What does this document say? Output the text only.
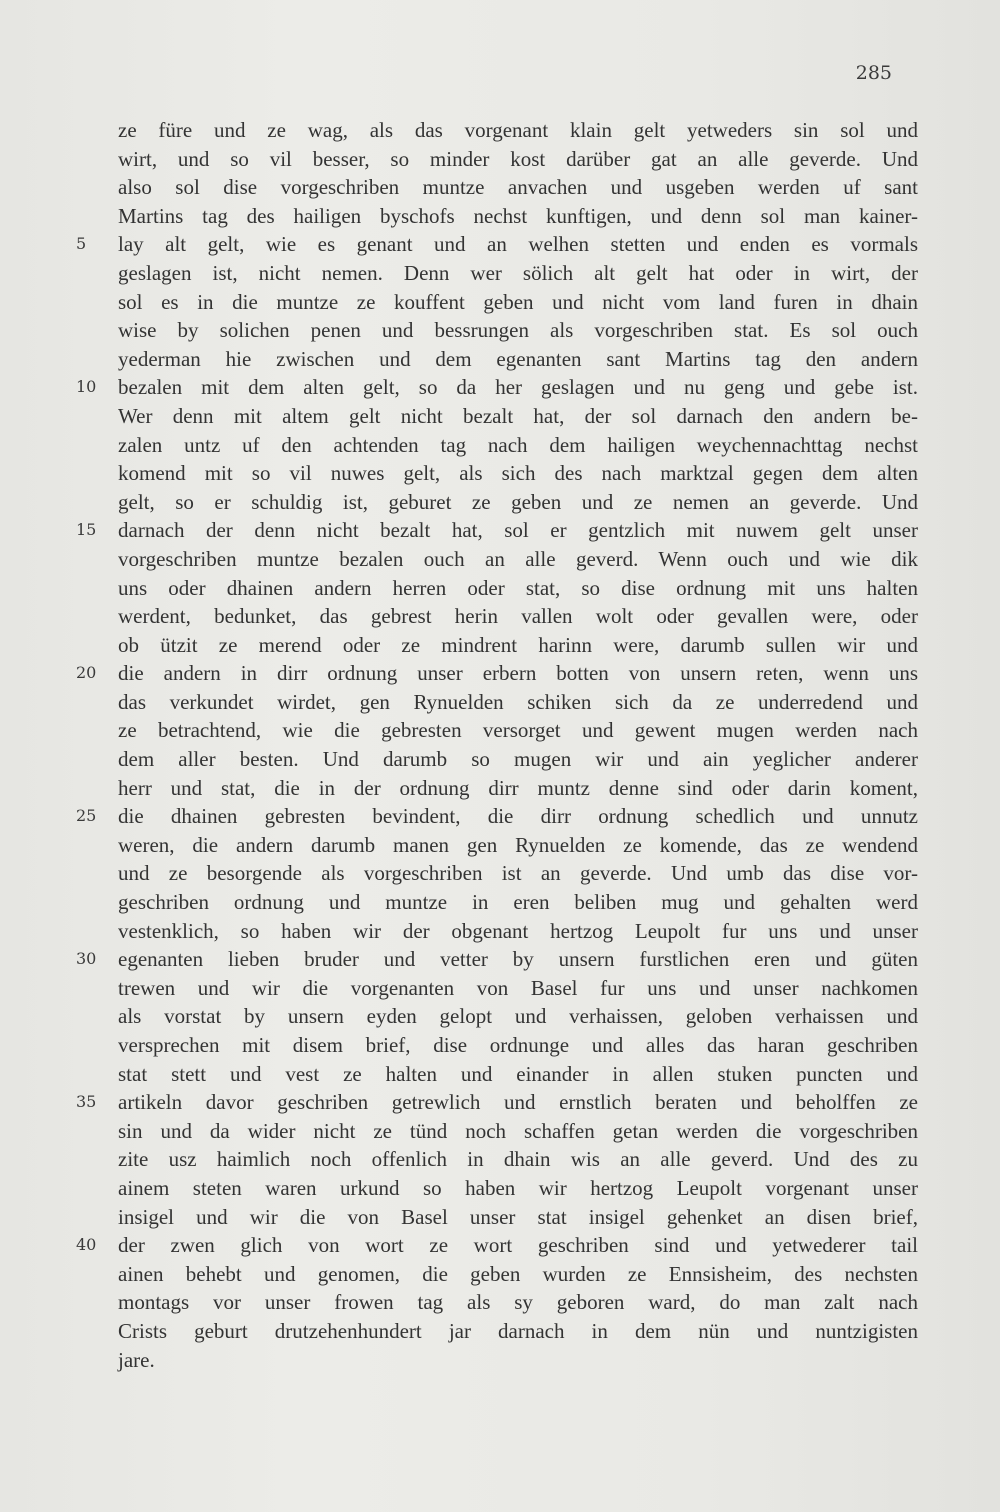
285
ze füre und ze wag, als das vorgenant klain gelt yetweders sin sol und
wirt, und so vil besser, so minder kost darüber gat an alle geverde. Und
also sol dise vorgeschriben muntze anvachen und usgeben werden uf sant
Martins tag des hailigen byschofs nechst kunftigen, und denn sol man kainer-
5	lay alt gelt, wie es genant und an welhen stetten und enden es vormals
geslagen ist, nicht nemen. Denn wer sölich alt gelt hat oder in wirt, der
sol es in die muntze ze kouffent geben und nicht vom land furen in dhain
wise by solichen penen und bessrungen als vorgeschriben stat. Es sol ouch
yederman hie zwischen und dem egenanten sant Martins tag den andern
10	bezalen mit dem alten gelt, so da her geslagen und nu geng und gebe ist.
Wer denn mit altem gelt nicht bezalt hat, der sol darnach den andern be-
zalen untz uf den achtenden tag nach dem hailigen weychennachttag nechst
komend mit so vil nuwes gelt, als sich des nach marktzal gegen dem alten
gelt, so er schuldig ist, geburet ze geben und ze nemen an geverde. Und
15	darnach der denn nicht bezalt hat, sol er gentzlich mit nuwem gelt unser
vorgeschriben muntze bezalen ouch an alle geverd. Wenn ouch und wie dik
uns oder dhainen andern herren oder stat, so dise ordnung mit uns halten
werdent, bedunket, das gebrest herin vallen wolt oder gevallen were, oder
ob ützit ze merend oder ze mindrent harinn were, darumb sullen wir und
20	die andern in dirr ordnung unser erbern botten von unsern reten, wenn uns
das verkundet wirdet, gen Rynuelden schiken sich da ze underredend und
ze betrachtend, wie die gebresten versorget und gewent mugen werden nach
dem aller besten. Und darumb so mugen wir und ain yeglicher anderer
herr und stat, die in der ordnung dirr muntz denne sind oder darin koment,
25	die dhainen gebresten bevindent, die dirr ordnung schedlich und unnutz
weren, die andern darumb manen gen Rynuelden ze komende, das ze wendend
und ze besorgende als vorgeschriben ist an geverde. Und umb das dise vor-
geschriben ordnung und muntze in eren beliben mug und gehalten werd
vestenklich, so haben wir der obgenant hertzog Leupolt fur uns und unser
30	egenanten lieben bruder und vetter by unsern furstlichen eren und güten
trewen und wir die vorgenanten von Basel fur uns und unser nachkomen
als vorstat by unsern eyden gelopt und verhaissen, geloben verhaissen und
versprechen mit disem brief, dise ordnunge und alles das haran geschriben
stat stett und vest ze halten und einander in allen stuken puncten und
35	artikeln davor geschriben getrewlich und ernstlich beraten und beholffen ze
sin und da wider nicht ze tünd noch schaffen getan werden die vorgeschriben
zite usz haimlich noch offenlich in dhain wis an alle geverd. Und des zu
ainem steten waren urkund so haben wir hertzog Leupolt vorgenant unser
insigel und wir die von Basel unser stat insigel gehenket an disen brief,
40	der zwen glich von wort ze wort geschriben sind und yetwederer tail
ainen behebt und genomen, die geben wurden ze Ennsisheim, des nechsten
montags vor unser frowen tag als sy geboren ward, do man zalt nach
Crists geburt drutzehenhundert jar darnach in dem nün und nuntzigisten
jare.
